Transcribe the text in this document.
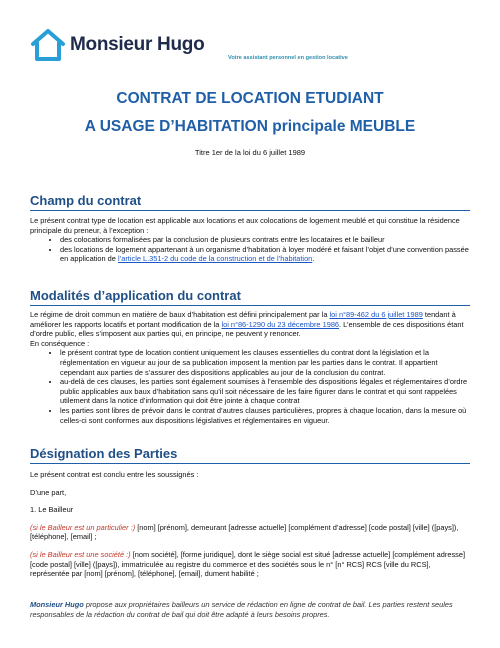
Monsieur Hugo
Votre assistant personnel en gestion locative
CONTRAT DE LOCATION ETUDIANT
A USAGE D’HABITATION principale MEUBLE
Titre 1er de la loi du 6 juillet 1989
Champ du contrat
Le présent contrat type de location est applicable aux locations et aux colocations de logement meublé et qui constitue la résidence principale du preneur, à l’exception :
• des colocations formalisées par la conclusion de plusieurs contrats entre les locataires et le bailleur
• des locations de logement appartenant à un organisme d’habitation à loyer modéré et faisant l’objet d’une convention passée en application de l’article L.351-2 du code de la construction et de l’habitation.
Modalités d’application du contrat
Le régime de droit commun en matière de baux d’habitation est défini principalement par la loi n°89-462 du 6 juillet 1989 tendant à améliorer les rapports locatifs et portant modification de la loi n°86-1290 du 23 décembre 1986. L’ensemble de ces dispositions étant d’ordre public, elles s’imposent aux parties qui, en principe, ne peuvent y renoncer.
En conséquence :
• le présent contrat type de location contient uniquement les clauses essentielles du contrat dont la législation et la réglementation en vigueur au jour de sa publication imposent la mention par les parties dans le contrat. Il appartient cependant aux parties de s’assurer des dispositions applicables au jour de la conclusion du contrat.
• au-delà de ces clauses, les parties sont également soumises à l’ensemble des dispositions légales et réglementaires d’ordre public applicables aux baux d’habitation sans qu’il soit nécessaire de les faire figurer dans le contrat et qui sont rappelées utilement dans la notice d’information qui doit être jointe à chaque contrat
• les parties sont libres de prévoir dans le contrat d’autres clauses particulières, propres à chaque location, dans la mesure où celles-ci sont conformes aux dispositions législatives et réglementaires en vigueur.
Désignation des Parties
Le présent contrat est conclu entre les soussignés :
D’une part,
1. Le Bailleur
(si le Bailleur est un particulier :) [nom] [prénom], demeurant [adresse actuelle] [complément d’adresse] [code postal] [ville] ([pays]), [téléphone], [email] ;
(si le Bailleur est une société :) [nom société], [forme juridique], dont le siège social est situé [adresse actuelle] [complément adresse] [code postal] [ville] ([pays]), immatriculée au registre du commerce et des sociétés sous le n° [n° RCS] RCS [ville du RCS], représentée par [nom] [prénom], [téléphone], [email], dument habilité ;
Monsieur Hugo propose aux propriétaires bailleurs un service de rédaction en ligne de contrat de bail. Les parties restent seules responsables de la rédaction du contrat de bail qui doit être adapté à leurs besoins propres.
